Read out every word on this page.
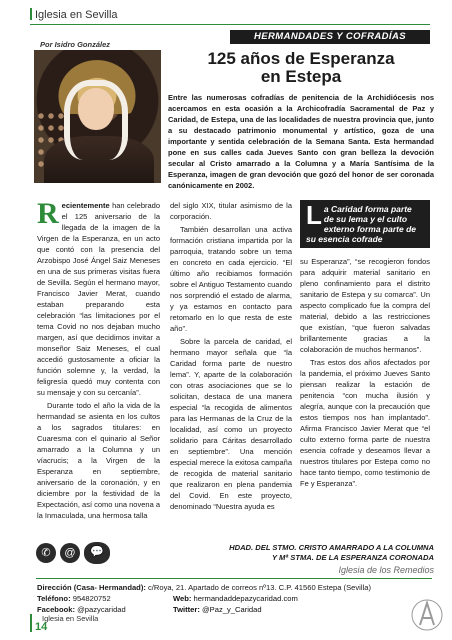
Iglesia en Sevilla
Por Isidro González
HERMANDADES Y COFRADÍAS
125 años de Esperanza
en Estepa
Entre las numerosas cofradías de penitencia de la Archidiócesis nos acercamos en esta ocasión a la Archicofradía Sacramental de Paz y Caridad, de Estepa, una de las localidades de nuestra provincia que, junto a su destacado patrimonio monumental y artístico, goza de una importante y sentida celebración de la Semana Santa. Esta hermandad pone en sus calles cada Jueves Santo con gran belleza la devoción secular al Cristo amarrado a la Columna y a María Santísima de la Esperanza, imagen de gran devoción que gozó del honor de ser coronada canónicamente en 2002.

Recientemente han celebrado el 125 aniversario de la llegada de la imagen de la Virgen de la Esperanza, en un acto que contó con la presencia del Arzobispo José Ángel Saiz Meneses en una de sus primeras visitas fuera de Sevilla. Según el hermano mayor, Francisco Javier Merat, cuando estaban preparando esta celebración “las limitaciones por el tema Covid no nos dejaban mucho margen, así que decidimos invitar a monseñor Saiz Meneses, el cual accedió gustosamente a oficiar la función solemne y, la verdad, la feligresía quedó muy contenta con su mensaje y con su cercanía”.

Durante todo el año la vida de la hermandad se asienta en los cultos a los sagrados titulares: en Cuaresma con el quinario al Señor amarrado a la Columna y un víacrucis; a la Virgen de la Esperanza en septiembre, aniversario de la coronación, y en diciembre por la festividad de la Expectación, así como una novena a la Inmaculada, una hermosa talla

del siglo XIX, titular asimismo de la corporación.

También desarrollan una activa formación cristiana impartida por la parroquia, tratando sobre un tema en concreto en cada ejercicio. “El último año recibiamos formación sobre el Antiguo Testamento cuando nos sorprendió el estado de alarma, y ya estamos en contacto para retomarlo en lo que resta de este año”.

Sobre la parcela de caridad, el hermano mayor señala que “la Caridad forma parte de nuestro lema”. Y, aparte de la colaboración con otras asociaciones que se lo solicitan, destaca de una manera especial “la recogida de alimentos para las Hermanas de la Cruz de la localidad, así como un proyecto solidario para Cáritas desarrollado en septiembre”. Una mención especial merece la exitosa campaña de recogida de material sanitario que realizaron en plena pandemia del Covid. En este proyecto, denominado “Nuestra ayuda es

La Caridad forma parte de su lema y el culto externo forma parte de su esencia cofrade

su Esperanza”, “se recogieron fondos para adquirir material sanitario en pleno confinamiento para el distrito sanitario de Estepa y su comarca”. Un aspecto complicado fue la compra del material, debido a las restricciones que existían, “que fueron salvadas brillantemente gracias a la colaboración de muchos hermanos”.

Tras estos dos años afectados por la pandemia, el próximo Jueves Santo piensan realizar la estación de penitencia “con mucha ilusión y alegría, aunque con la precaución que estos tiempos nos han implantado”. Afirma Francisco Javier Merat que “el culto externo forma parte de nuestra esencia cofrade y deseamos llevar a nuestros titulares por Estepa como no hace tanto tiempo, como testimonio de Fe y Esperanza”.

✆	@	💬	HDAD. DEL STMO. CRISTO AMARRADO A LA COLUMNA
Y Mª STMA. DE LA ESPERANZA CORONADA
Iglesia de los Remedios
Dirección (Casa- Hermandad): c/Roya, 21. Apartado de correos nº13. C.P. 41560 Estepa (Sevilla)
Teléfono: 954820752	Web: hermandaddepazycaridad.com
Facebook: @pazycaridad	Twitter: @Paz_y_Caridad
Iglesia en Sevilla
14
